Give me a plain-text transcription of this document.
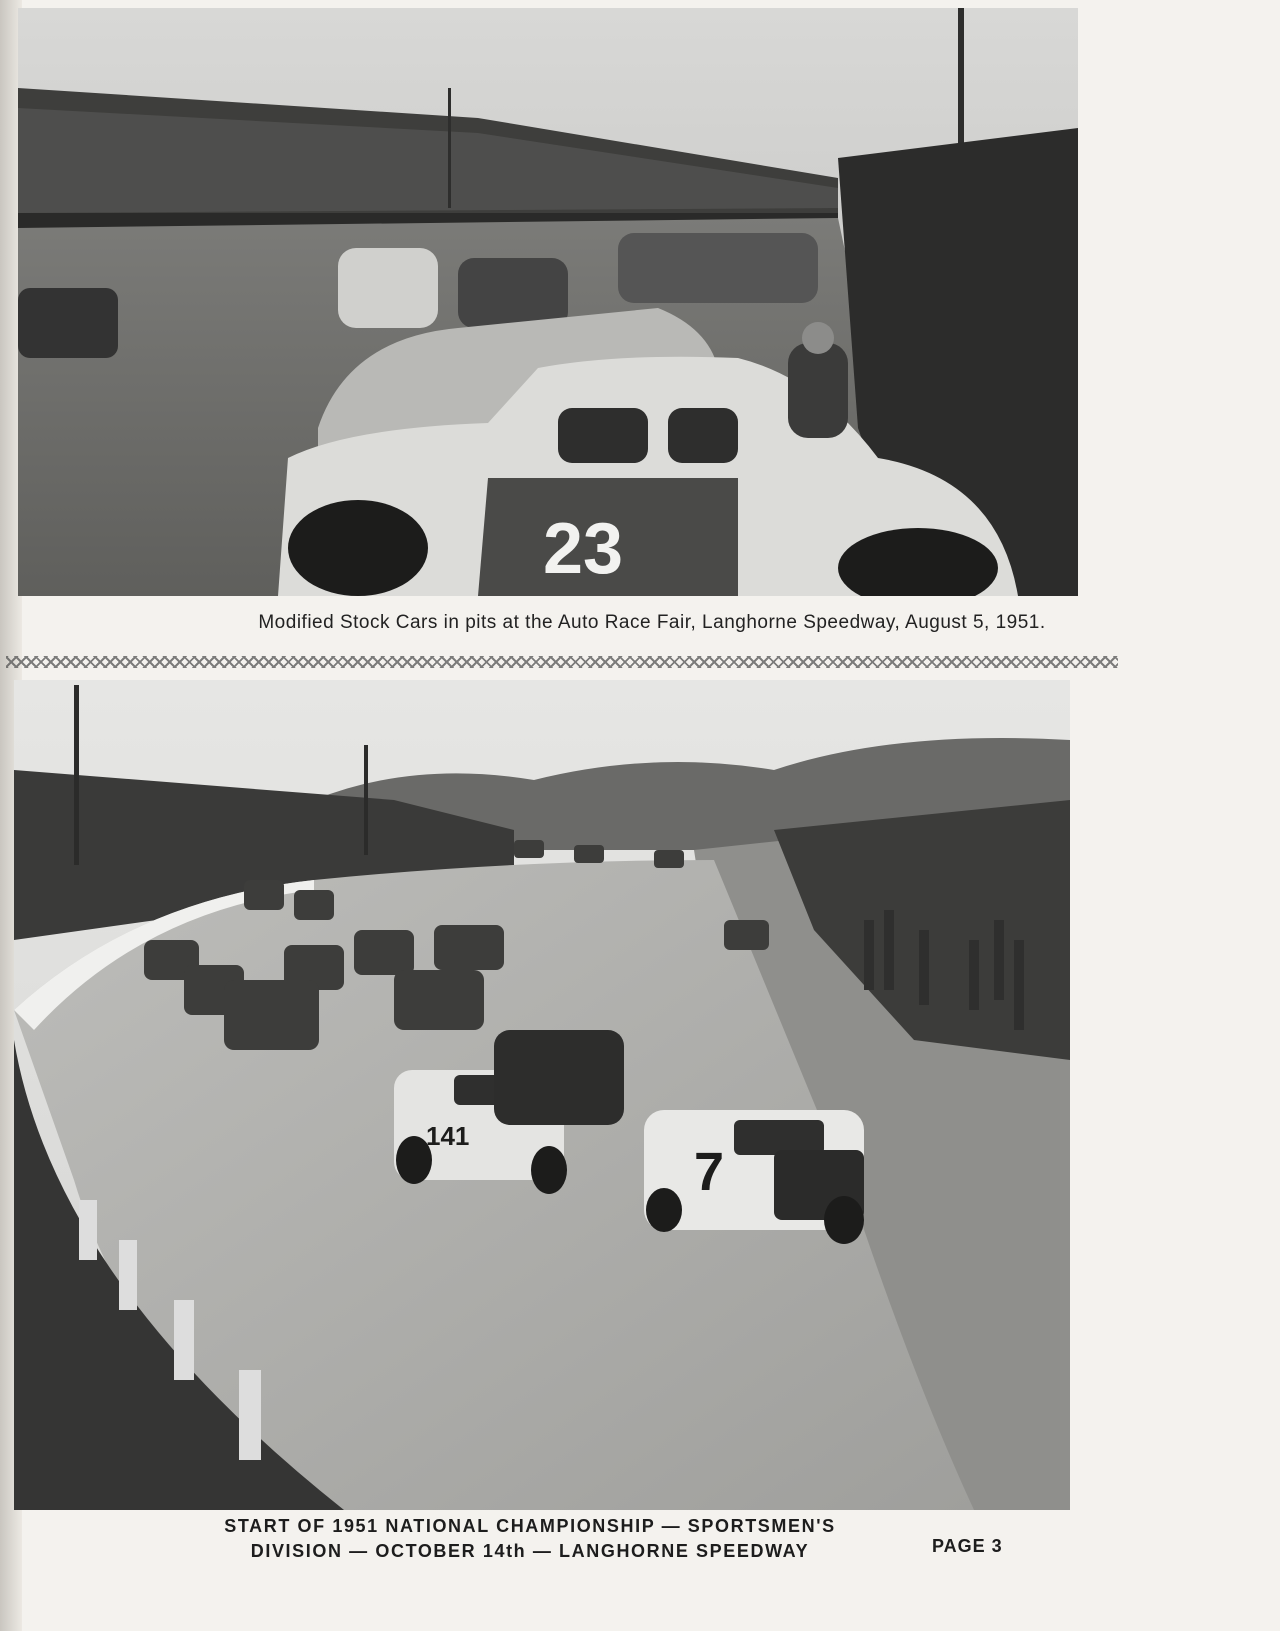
23
Modified Stock Cars in pits at the Auto Race Fair, Langhorne Speedway, August 5, 1951.
141
7
START OF 1951 NATIONAL CHAMPIONSHIP — SPORTSMEN'S
DIVISION — OCTOBER 14th — LANGHORNE SPEEDWAY	PAGE 3
